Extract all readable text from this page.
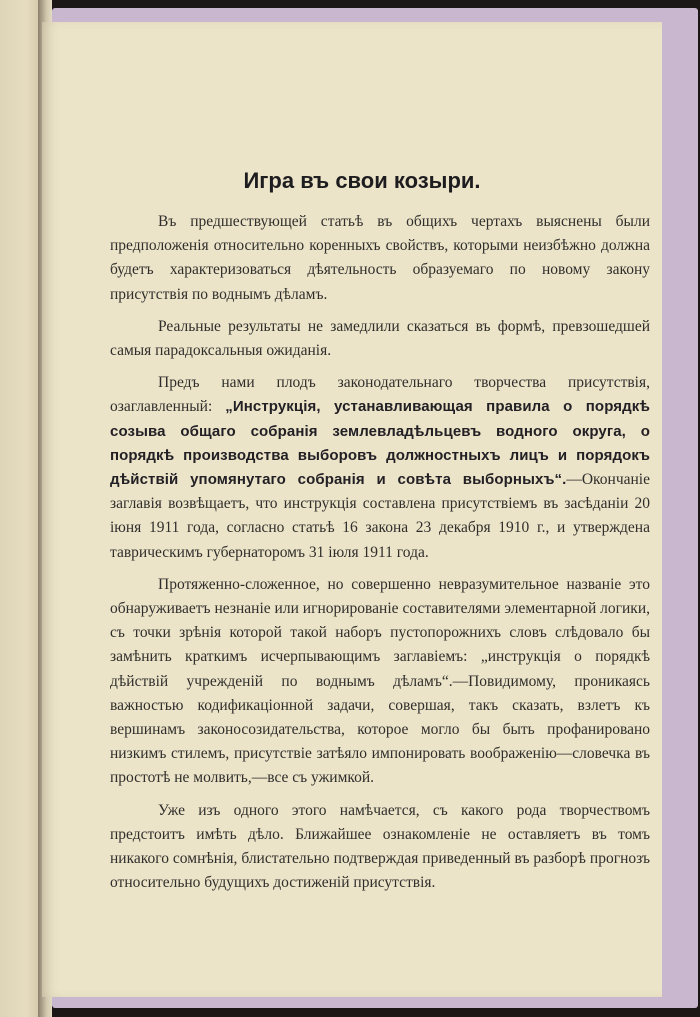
Игра въ свои козыри.

Въ предшествующей статьѣ въ общихъ чертахъ выяснены были предположенія относительно коренныхъ свойствъ, которыми неизбѣжно должна будетъ характеризоваться дѣятельность образуемаго по новому закону присутствія по воднымъ дѣламъ.

Реальные результаты не замедлили сказаться въ формѣ, превзошедшей самыя парадоксальныя ожиданія.

Предъ нами плодъ законодательнаго творчества присутствія, озаглавленный: „Инструкція, устанавливающая правила о порядкѣ созыва общаго собранія землевладѣльцевъ водного округа, о порядкѣ производства выборовъ должностныхъ лицъ и порядокъ дѣйствій упомянутаго собранія и совѣта выборныхъ“.—Окончаніе заглавія возвѣщаетъ, что инструкція составлена присутствіемъ въ засѣданіи 20 іюня 1911 года, согласно статьѣ 16 закона 23 декабря 1910 г., и утверждена таврическимъ губернаторомъ 31 іюля 1911 года.

Протяженно-сложенное, но совершенно невразумительное названіе это обнаруживаетъ незнаніе или игнорированіе составителями элементарной логики, съ точки зрѣнія которой такой наборъ пустопорожнихъ словъ слѣдовало бы замѣнить краткимъ исчерпывающимъ заглавіемъ: „инструкція о порядкѣ дѣйствій учрежденій по воднымъ дѣламъ“.—Повидимому, проникаясь важностью кодификаціонной задачи, совершая, такъ сказать, взлетъ къ вершинамъ законосозидательства, которое могло бы быть профанировано низкимъ стилемъ, присутствіе затѣяло импонировать воображенію—словечка въ простотѣ не молвить,—все съ ужимкой.

Уже изъ одного этого намѣчается, съ какого рода творчествомъ предстоитъ имѣть дѣло. Ближайшее ознакомленіе не оставляетъ въ томъ никакого сомнѣнія, блистательно подтверждая приведенный въ разборѣ прогнозъ относительно будущихъ достиженій присутствія.
